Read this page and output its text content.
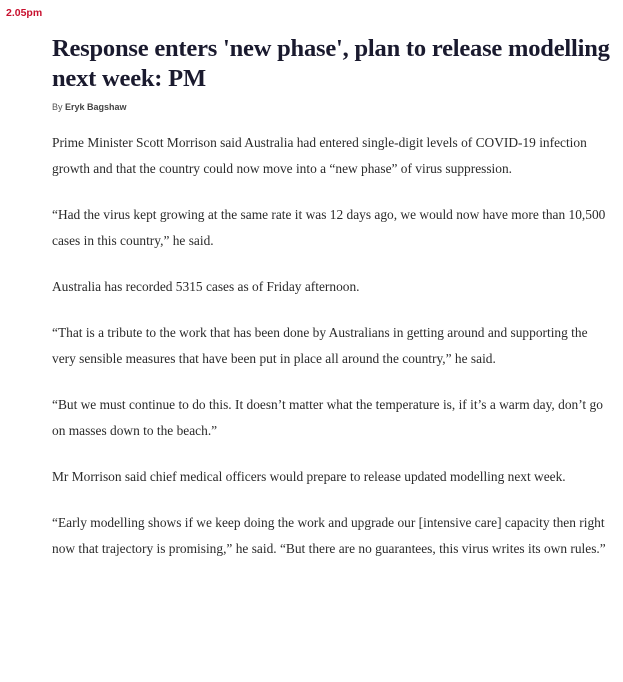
2.05pm
Response enters 'new phase', plan to release modelling next week: PM
By Eryk Bagshaw

Prime Minister Scott Morrison said Australia had entered single-digit levels of COVID-19 infection growth and that the country could now move into a “new phase” of virus suppression.

“Had the virus kept growing at the same rate it was 12 days ago, we would now have more than 10,500 cases in this country,” he said.

Australia has recorded 5315 cases as of Friday afternoon.

“That is a tribute to the work that has been done by Australians in getting around and supporting the very sensible measures that have been put in place all around the country,” he said.

“But we must continue to do this. It doesn’t matter what the temperature is, if it’s a warm day, don’t go on masses down to the beach.”

Mr Morrison said chief medical officers would prepare to release updated modelling next week.

“Early modelling shows if we keep doing the work and upgrade our [intensive care] capacity then right now that trajectory is promising,” he said. “But there are no guarantees, this virus writes its own rules.”
